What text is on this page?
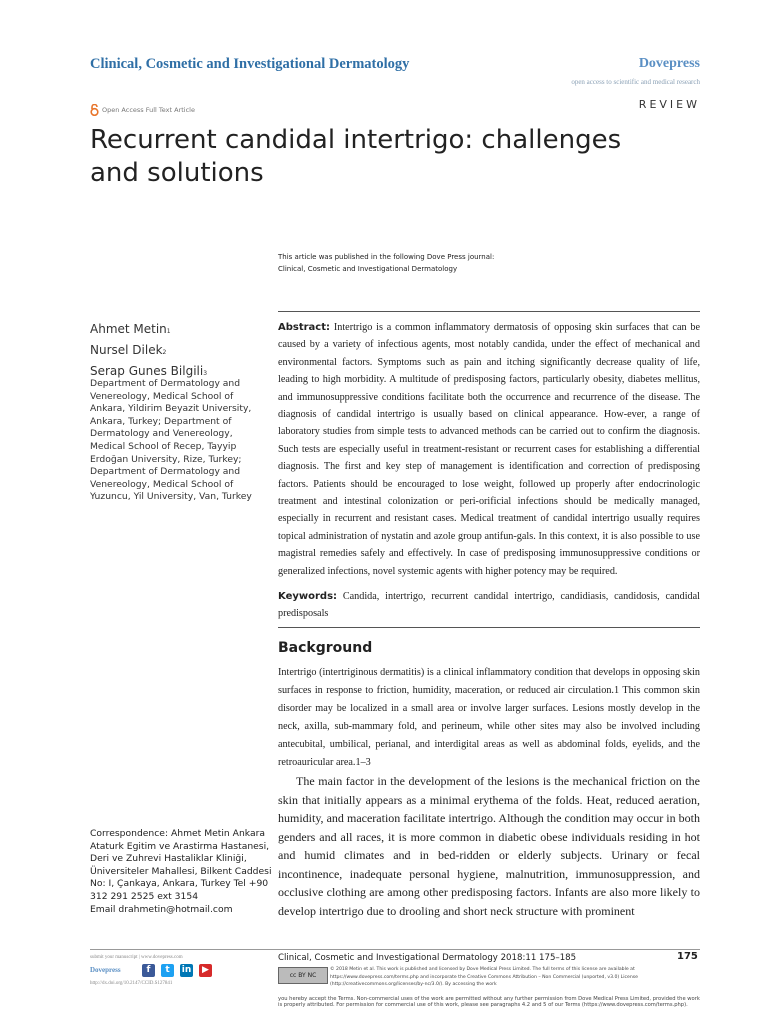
Clinical, Cosmetic and Investigational Dermatology	Dovepress
open access to scientific and medical research
REVIEW
Open Access Full Text Article
Recurrent candidal intertrigo: challenges and solutions
This article was published in the following Dove Press journal:
Clinical, Cosmetic and Investigational Dermatology
Ahmet Metin1
Nursel Dilek2
Serap Gunes Bilgili3
Department of Dermatology and Venereology, Medical School of Ankara, Yildirim Beyazit University, Ankara, Turkey; Department of Dermatology and Venereology, Medical School of Recep, Tayyip Erdoğan University, Rize, Turkey; Department of Dermatology and Venereology, Medical School of Yuzuncu, Yil University, Van, Turkey

Abstract: Intertrigo is a common inflammatory dermatosis of opposing skin surfaces that can be caused by a variety of infectious agents, most notably candida, under the effect of mechanical and environmental factors. Symptoms such as pain and itching significantly decrease quality of life, leading to high morbidity. A multitude of predisposing factors, particularly obesity, diabetes mellitus, and immunosuppressive conditions facilitate both the occurrence and recurrence of the disease. The diagnosis of candidal intertrigo is usually based on clinical appearance. How-ever, a range of laboratory studies from simple tests to advanced methods can be carried out to confirm the diagnosis. Such tests are especially useful in treatment-resistant or recurrent cases for establishing a differential diagnosis. The first and key step of management is identification and correction of predisposing factors. Patients should be encouraged to lose weight, followed up properly after endocrinologic treatment and intestinal colonization or peri-orificial infections should be medically managed, especially in recurrent and resistant cases. Medical treatment of candidal intertrigo usually requires topical administration of nystatin and azole group antifun-gals. In this context, it is also possible to use magistral remedies safely and effectively. In case of predisposing immunosuppressive conditions or generalized infections, novel systemic agents with higher potency may be required.

Keywords: Candida, intertrigo, recurrent candidal intertrigo, candidiasis, candidosis, candidal predisposals

Background

Intertrigo (intertriginous dermatitis) is a clinical inflammatory condition that develops in opposing skin surfaces in response to friction, humidity, maceration, or reduced air circulation.1 This common skin disorder may be localized in a small area or involve larger surfaces. Lesions mostly develop in the neck, axilla, sub-mammary fold, and perineum, while other sites may also be involved including antecubital, umbilical, perianal, and interdigital areas as well as abdominal folds, eyelids, and the retroauricular area.1–3

The main factor in the development of the lesions is the mechanical friction on the skin that initially appears as a minimal erythema of the folds. Heat, reduced aeration, humidity, and maceration facilitate intertrigo. Although the condition may occur in both genders and all races, it is more common in diabetic obese individuals residing in hot and humid climates and in bed-ridden or elderly subjects. Urinary or fecal incontinence, inadequate personal hygiene, malnutrition, immunosuppression, and occlusive clothing are among other predisposing factors. Infants are also more likely to develop intertrigo due to drooling and short neck structure with prominent

Correspondence: Ahmet Metin Ankara Ataturk Egitim ve Arastirma Hastanesi, Deri ve Zuhrevi Hastaliklar Kliniği, Üniversiteler Mahallesi, Bilkent Caddesi No: I, Çankaya, Ankara, Turkey Tel +90 312 291 2525 ext 3154
Email drahmetin@hotmail.com
submit your manuscript | www.dovepress.com
Dovepress
http://dx.doi.org/10.2147/CCID.S127841
f	t	in	▶
Clinical, Cosmetic and Investigational Dermatology 2018:11 175–185	175
cc BY NC
© 2018 Metin et al. This work is published and licensed by Dove Medical Press Limited. The full terms of this license are available at https://www.dovepress.com/terms.php and incorporate the Creative Commons Attribution – Non Commercial (unported, v3.0) License (http://creativecommons.org/licenses/by-nc/3.0/). By accessing the work
you hereby accept the Terms. Non-commercial uses of the work are permitted without any further permission from Dove Medical Press Limited, provided the work is properly attributed. For permission for commercial use of this work, please see paragraphs 4.2 and 5 of our Terms (https://www.dovepress.com/terms.php).
